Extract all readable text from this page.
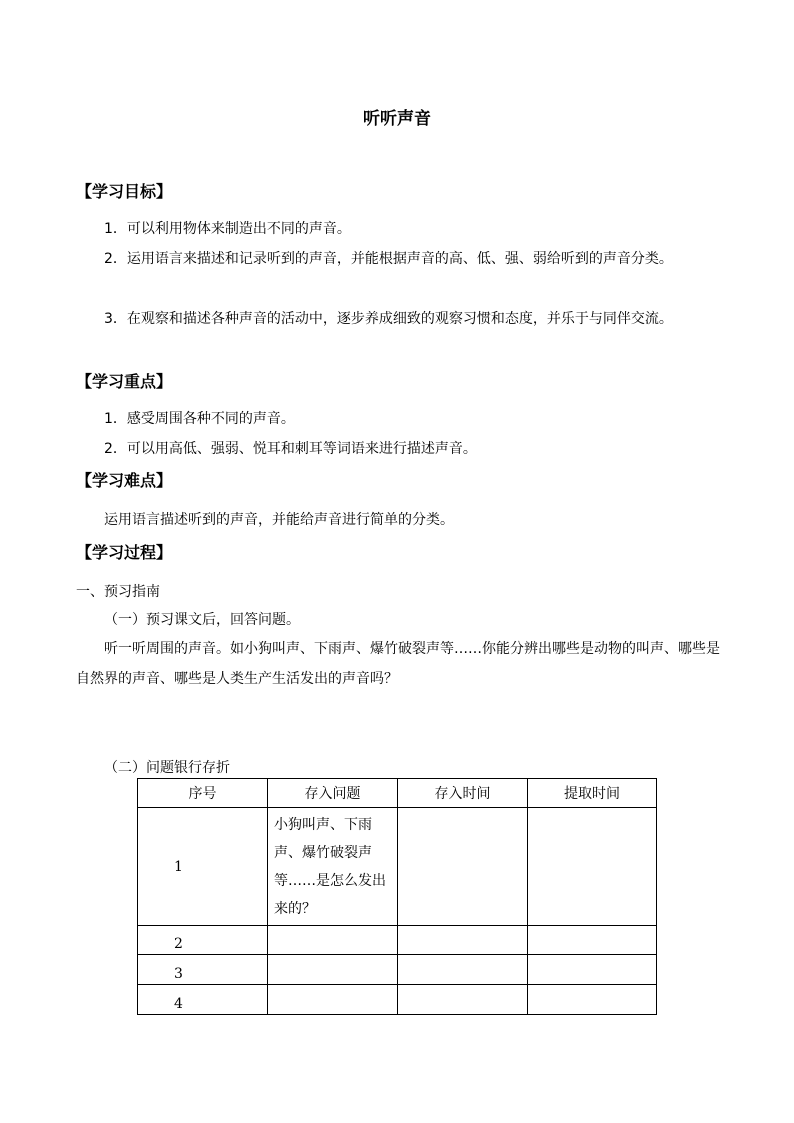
听听声音
【学习目标】

1．可以利用物体来制造出不同的声音。

2．运用语言来描述和记录听到的声音，并能根据声音的高、低、强、弱给听到的声音分类。

3．在观察和描述各种声音的活动中，逐步养成细致的观察习惯和态度，并乐于与同伴交流。

【学习重点】

1．感受周围各种不同的声音。

2．可以用高低、强弱、悦耳和刺耳等词语来进行描述声音。

【学习难点】

运用语言描述听到的声音，并能给声音进行简单的分类。

【学习过程】
一、预习指南
（一）预习课文后，回答问题。

听一听周围的声音。如小狗叫声、下雨声、爆竹破裂声等……你能分辨出哪些是动物的叫声、哪些是自然界的声音、哪些是人类生产生活发出的声音吗？

（二）问题银行存折
序号	存入问题	存入时间	提取时间
1	小狗叫声、下雨声、爆竹破裂声等……是怎么发出来的？		
2			
3			
4			
